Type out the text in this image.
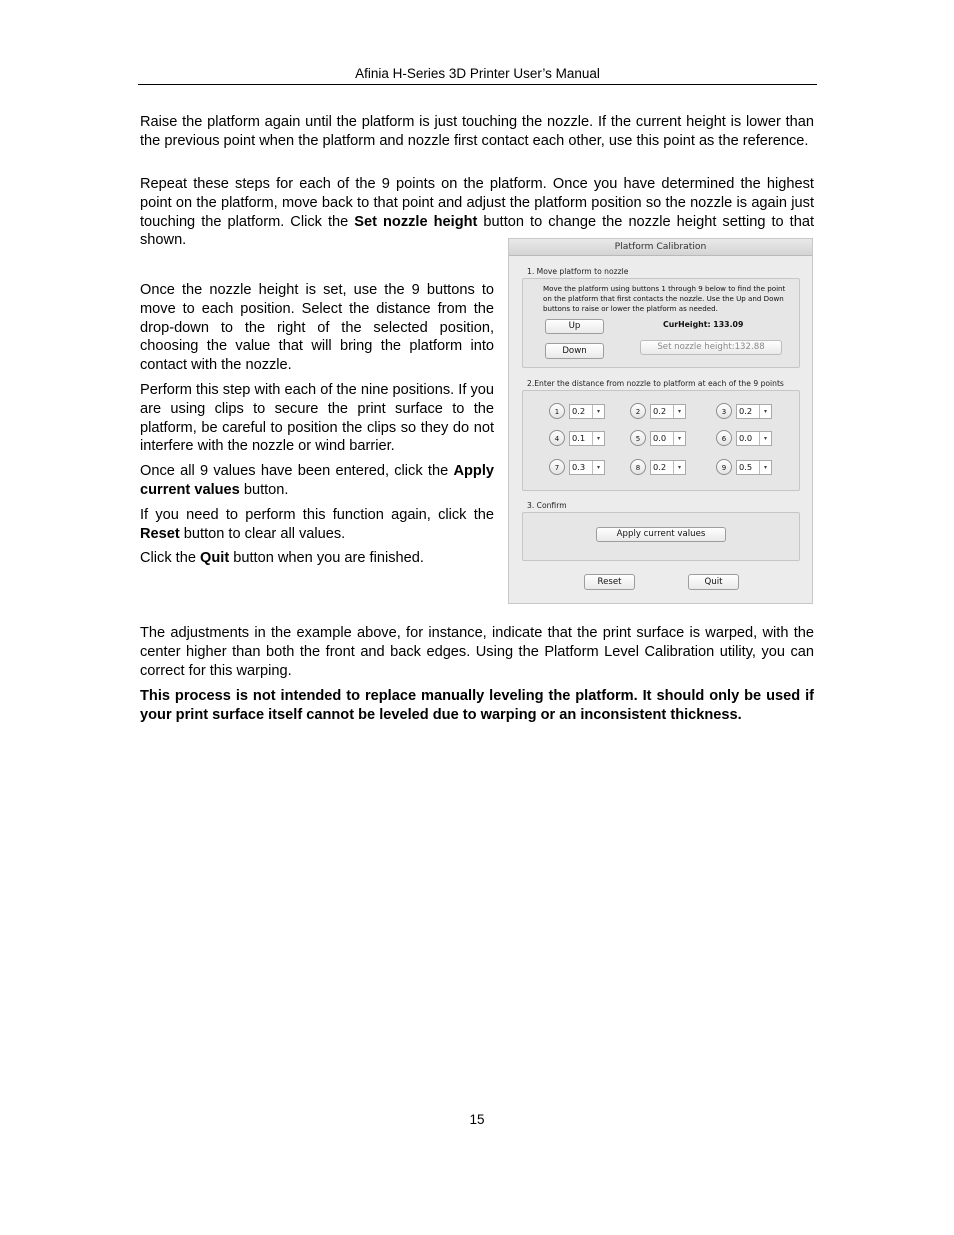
Afinia H-Series 3D Printer User’s Manual

Raise the platform again until the platform is just touching the nozzle. If the current height is lower than the previous point when the platform and nozzle first contact each other, use this point as the reference.

Repeat these steps for each of the 9 points on the platform. Once you have determined the highest point on the platform, move back to that point and adjust the platform position so the nozzle is again just touching the platform. Click the Set nozzle height button to change the nozzle height setting to that shown.

Once the nozzle height is set, use the 9 buttons to move to each position. Select the distance from the drop-down to the right of the selected position, choosing the value that will bring the platform into contact with the nozzle.

Perform this step with each of the nine positions. If you are using clips to secure the print surface to the platform, be careful to position the clips so they do not interfere with the nozzle or wind barrier.

Once all 9 values have been entered, click the Apply current values button.

If you need to perform this function again, click the Reset button to clear all values.

Click the Quit button when you are finished.

Platform Calibration
1. Move platform to nozzle
Move the platform using buttons 1 through 9 below to find the point on the platform that first contacts the nozzle. Use the Up and Down buttons to raise or lower the platform as needed.
Up	CurHeight: 133.09
Down	Set nozzle height:132.88
2.Enter the distance from nozzle to platform at each of the 9 points
1	0.2	▾	2	0.2	▾	3	0.2	▾
4	0.1	▾	5	0.0	▾	6	0.0	▾
7	0.3	▾	8	0.2	▾	9	0.5	▾
3. Confirm
Apply current values
Reset	Quit

The adjustments in the example above, for instance, indicate that the print surface is warped, with the center higher than both the front and back edges. Using the Platform Level Calibration utility, you can correct for this warping.

This process is not intended to replace manually leveling the platform. It should only be used if your print surface itself cannot be leveled due to warping or an inconsistent thickness.

15
